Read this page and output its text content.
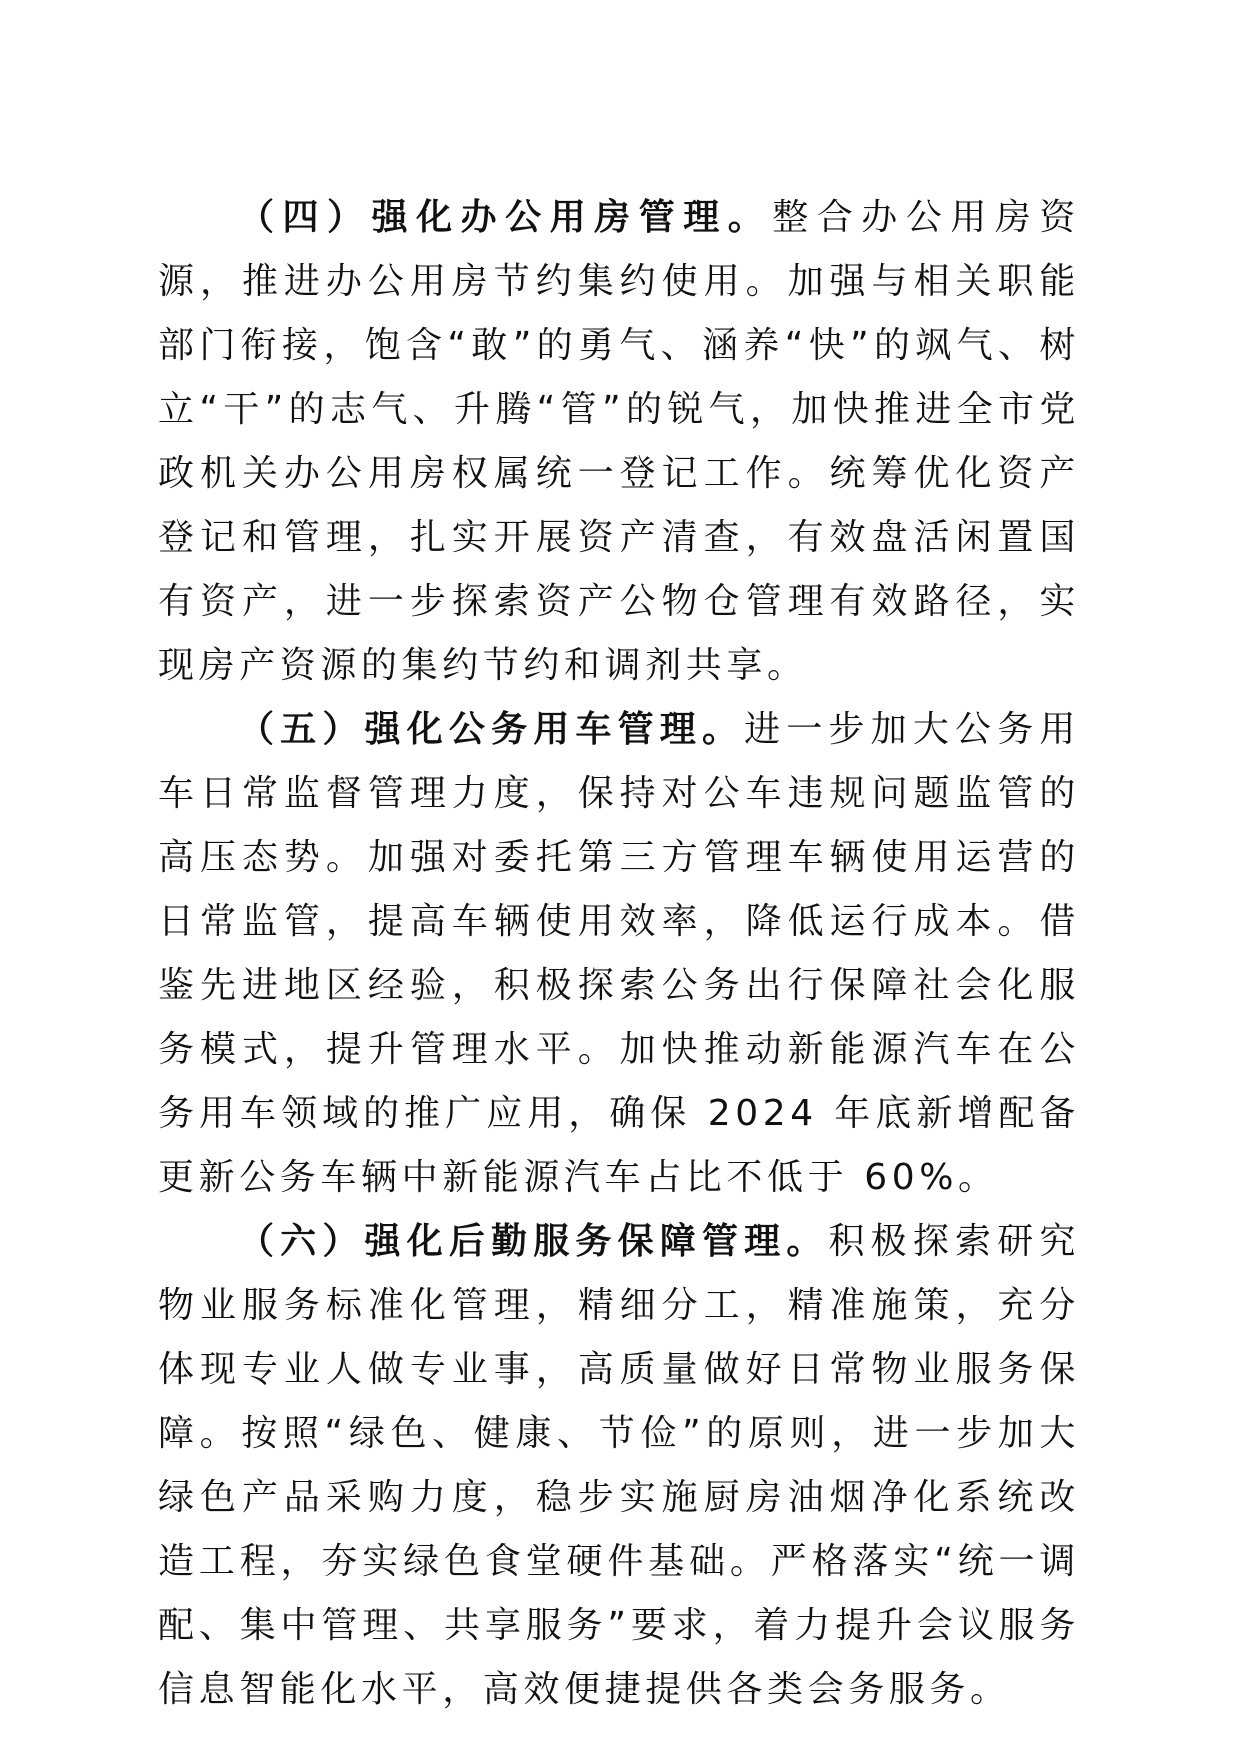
（四）强化办公用房管理。整合办公用房资源，推进办公用房节约集约使用。加强与相关职能部门衔接，饱含“敢”的勇气、涵养“快”的飒气、树立“干”的志气、升腾“管”的锐气，加快推进全市党政机关办公用房权属统一登记工作。统筹优化资产登记和管理，扎实开展资产清查，有效盘活闲置国有资产，进一步探索资产公物仓管理有效路径，实现房产资源的集约节约和调剂共享。

（五）强化公务用车管理。进一步加大公务用车日常监督管理力度，保持对公车违规问题监管的高压态势。加强对委托第三方管理车辆使用运营的日常监管，提高车辆使用效率，降低运行成本。借鉴先进地区经验，积极探索公务出行保障社会化服务模式，提升管理水平。加快推动新能源汽车在公务用车领域的推广应用，确保 2024 年底新增配备更新公务车辆中新能源汽车占比不低于 60%。

（六）强化后勤服务保障管理。积极探索研究物业服务标准化管理，精细分工，精准施策，充分体现专业人做专业事，高质量做好日常物业服务保障。按照“绿色、健康、节俭”的原则，进一步加大绿色产品采购力度，稳步实施厨房油烟净化系统改造工程，夯实绿色食堂硬件基础。严格落实“统一调配、集中管理、共享服务”要求，着力提升会议服务信息智能化水平，高效便捷提供各类会务服务。
